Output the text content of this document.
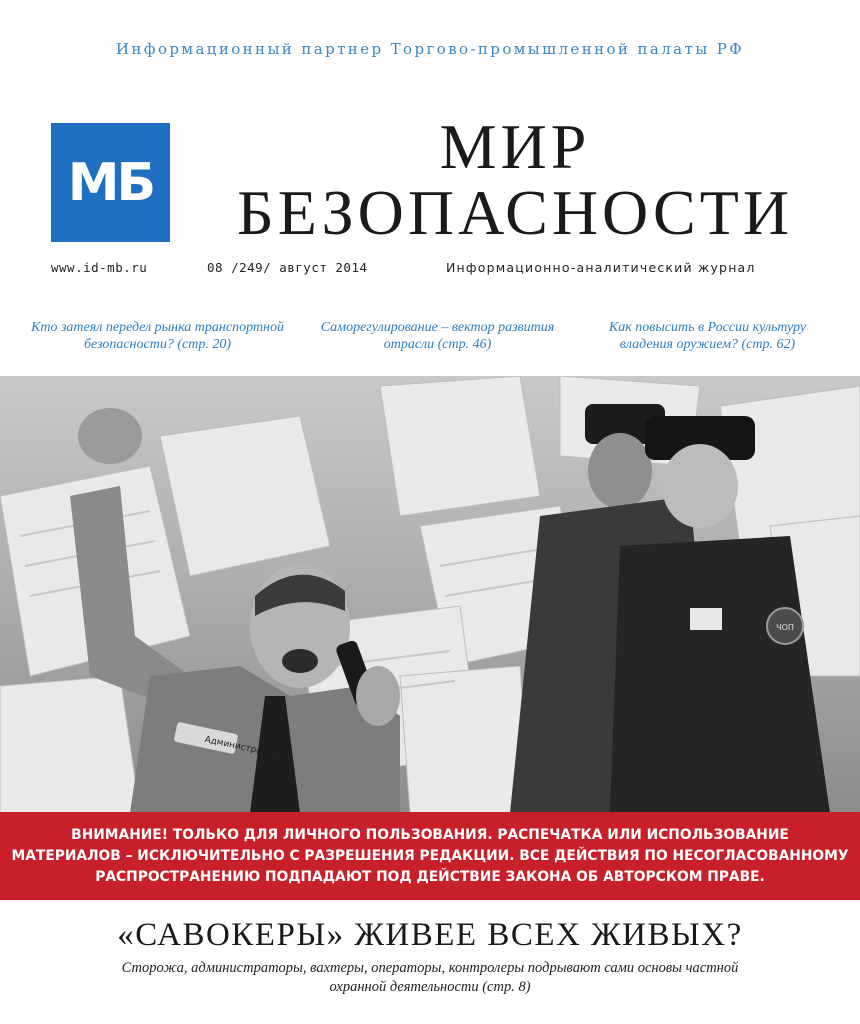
Информационный партнер Торгово-промышленной палаты РФ
МБ
МИР
БЕЗОПАСНОСТИ
www.id-mb.ru	08 /249/ август 2014	Информационно-аналитический журнал
Кто затеял передел рынка транспортной
безопасности? (стр. 20)
Саморегулирование – вектор развития
отрасли (стр. 46)
Как повысить в России культуру
владения оружием? (стр. 62)
ЧОП
Администратор
ВНИМАНИЕ! ТОЛЬКО ДЛЯ ЛИЧНОГО ПОЛЬЗОВАНИЯ. РАСПЕЧАТКА ИЛИ ИСПОЛЬЗОВАНИЕ
МАТЕРИАЛОВ – ИСКЛЮЧИТЕЛЬНО С РАЗРЕШЕНИЯ РЕДАКЦИИ. ВСЕ ДЕЙСТВИЯ ПО НЕСОГЛАСОВАННОМУ
РАСПРОСТРАНЕНИЮ ПОДПАДАЮТ ПОД ДЕЙСТВИЕ ЗАКОНА ОБ АВТОРСКОМ ПРАВЕ.
«САВОКЕРЫ» ЖИВЕЕ ВСЕХ ЖИВЫХ?
Сторожа, администраторы, вахтеры, операторы, контролеры подрывают сами основы частной
охранной деятельности (стр. 8)
